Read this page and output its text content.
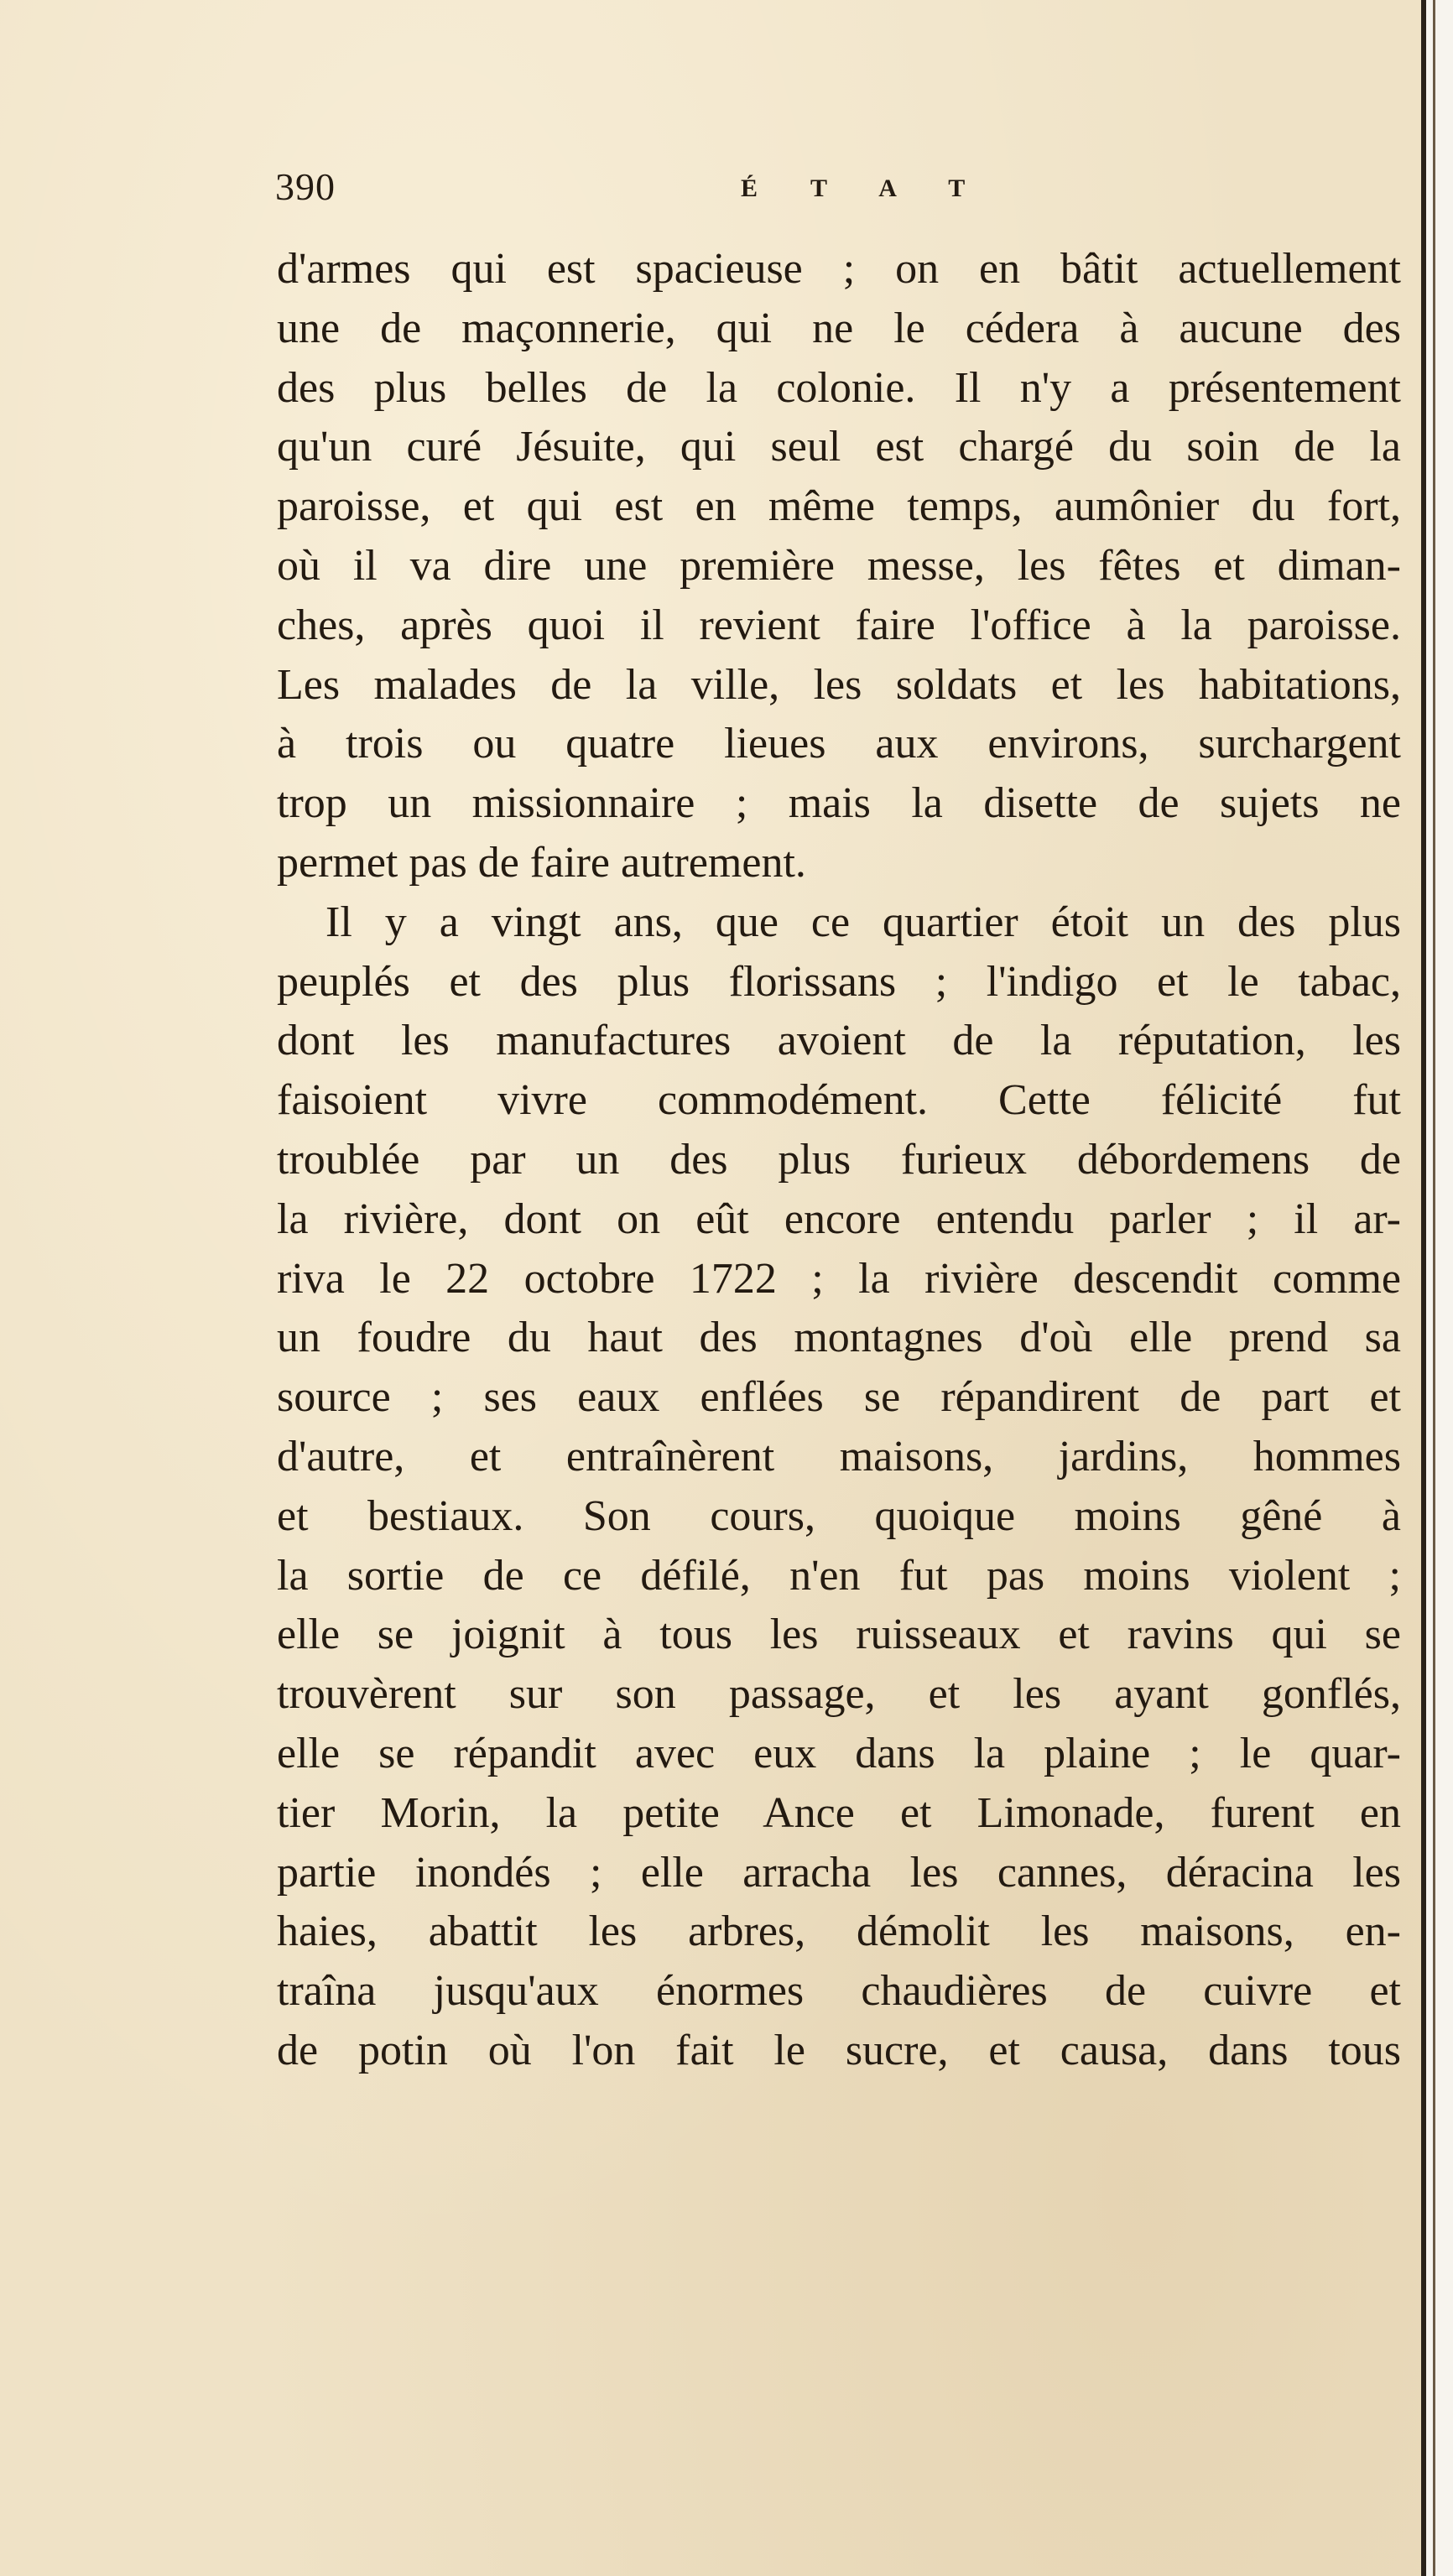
390	É T A T
d'armes qui est spacieuse ; on en bâtit actuellement
une de maçonnerie, qui ne le cédera à aucune des
des plus belles de la colonie. Il n'y a présentement
qu'un curé Jésuite, qui seul est chargé du soin de la
paroisse, et qui est en même temps, aumônier du fort,
où il va dire une première messe, les fêtes et diman-
ches, après quoi il revient faire l'office à la paroisse.
Les malades de la ville, les soldats et les habitations,
à trois ou quatre lieues aux environs, surchargent
trop un missionnaire ; mais la disette de sujets ne
permet pas de faire autrement.
Il y a vingt ans, que ce quartier étoit un des plus
peuplés et des plus florissans ; l'indigo et le tabac,
dont les manufactures avoient de la réputation, les
faisoient vivre commodément. Cette félicité fut
troublée par un des plus furieux débordemens de
la rivière, dont on eût encore entendu parler ; il ar-
riva le 22 octobre 1722 ; la rivière descendit comme
un foudre du haut des montagnes d'où elle prend sa
source ; ses eaux enflées se répandirent de part et
d'autre, et entraînèrent maisons, jardins, hommes
et bestiaux. Son cours, quoique moins gêné à
la sortie de ce défilé, n'en fut pas moins violent ;
elle se joignit à tous les ruisseaux et ravins qui se
trouvèrent sur son passage, et les ayant gonflés,
elle se répandit avec eux dans la plaine ; le quar-
tier Morin, la petite Ance et Limonade, furent en
partie inondés ; elle arracha les cannes, déracina les
haies, abattit les arbres, démolit les maisons, en-
traîna jusqu'aux énormes chaudières de cuivre et
de potin où l'on fait le sucre, et causa, dans tous
